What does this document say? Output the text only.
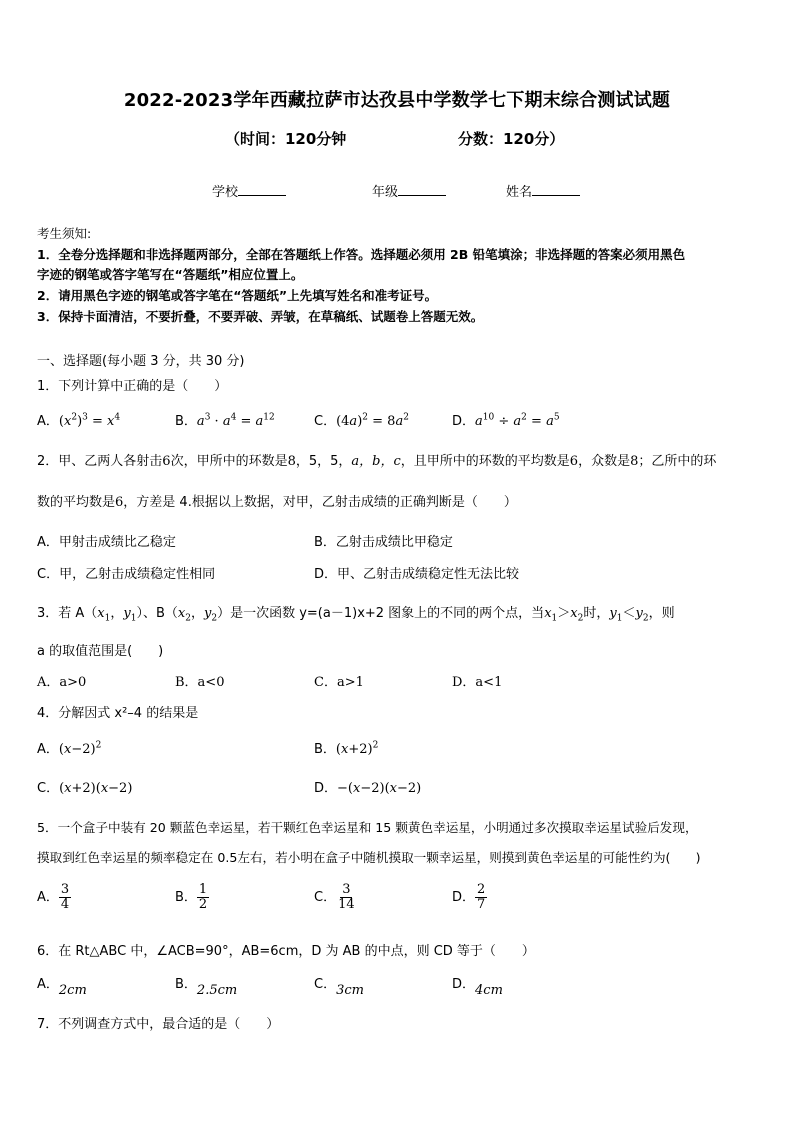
2022-2023学年西藏拉萨市达孜县中学数学七下期末综合测试试题
（时间：120分钟	分数：120分）
学校	年级	姓名
考生须知:
1．全卷分选择题和非选择题两部分，全部在答题纸上作答。选择题必须用 2B 铅笔填涂；非选择题的答案必须用黑色
字迹的钢笔或答字笔写在“答题纸”相应位置上。
2．请用黑色字迹的钢笔或答字笔在“答题纸”上先填写姓名和准考证号。
3．保持卡面清洁，不要折叠，不要弄破、弄皱，在草稿纸、试题卷上答题无效。
一、选择题(每小题 3 分，共 30 分)
1．下列计算中正确的是（　　）
A．$(x^2)^3 = x^4$	B．$a^3 \cdot a^4 = a^{12}$	C．$(4a)^2 = 8a^2$	D．$a^{10} \div a^2 = a^5$
2．甲、乙两人各射击6次，甲所中的环数是8，5，5，a，b，c，且甲所中的环数的平均数是6，众数是8；乙所中的环
数的平均数是6，方差是 4.根据以上数据，对甲，乙射击成绩的正确判断是（　　）
A．甲射击成绩比乙稳定	B．乙射击成绩比甲稳定
C．甲，乙射击成绩稳定性相同	D．甲、乙射击成绩稳定性无法比较
3．若 $A(x_1$，$y_1$）、$B(x_2$，$y_2$）是一次函数 y=(a－1)x+2 图象上的不同的两个点，当$x_1>x_2$时，$y_1<y_2$，则
a 的取值范围是(　　)
A．a>0	B．a<0	C．a>1	D．a<1
4．分解因式 x²–4 的结果是
A．$(x-2)^2$	B．$(x+2)^2$
C．(x+2)(x−2)	D．−(x−2)(x−2)
5．一个盒子中装有 20 颗蓝色幸运星，若干颗红色幸运星和 15 颗黄色幸运星，小明通过多次摸取幸运星试验后发现，
摸取到红色幸运星的频率稳定在 0.5左右，若小明在盒子中随机摸取一颗幸运星，则摸到黄色幸运星的可能性约为(　　)
A． $\frac{3}{4}$	B． $\frac{1}{2}$	C． $\frac{3}{14}$	D． $\frac{2}{7}$
6．在 Rt△ABC 中，∠ACB=90°，AB=6cm，D 为 AB 的中点，则 CD 等于（　　）
A．2cm	B．2.5cm	C．3cm	D．4cm
7．不列调查方式中，最合适的是（　　）
